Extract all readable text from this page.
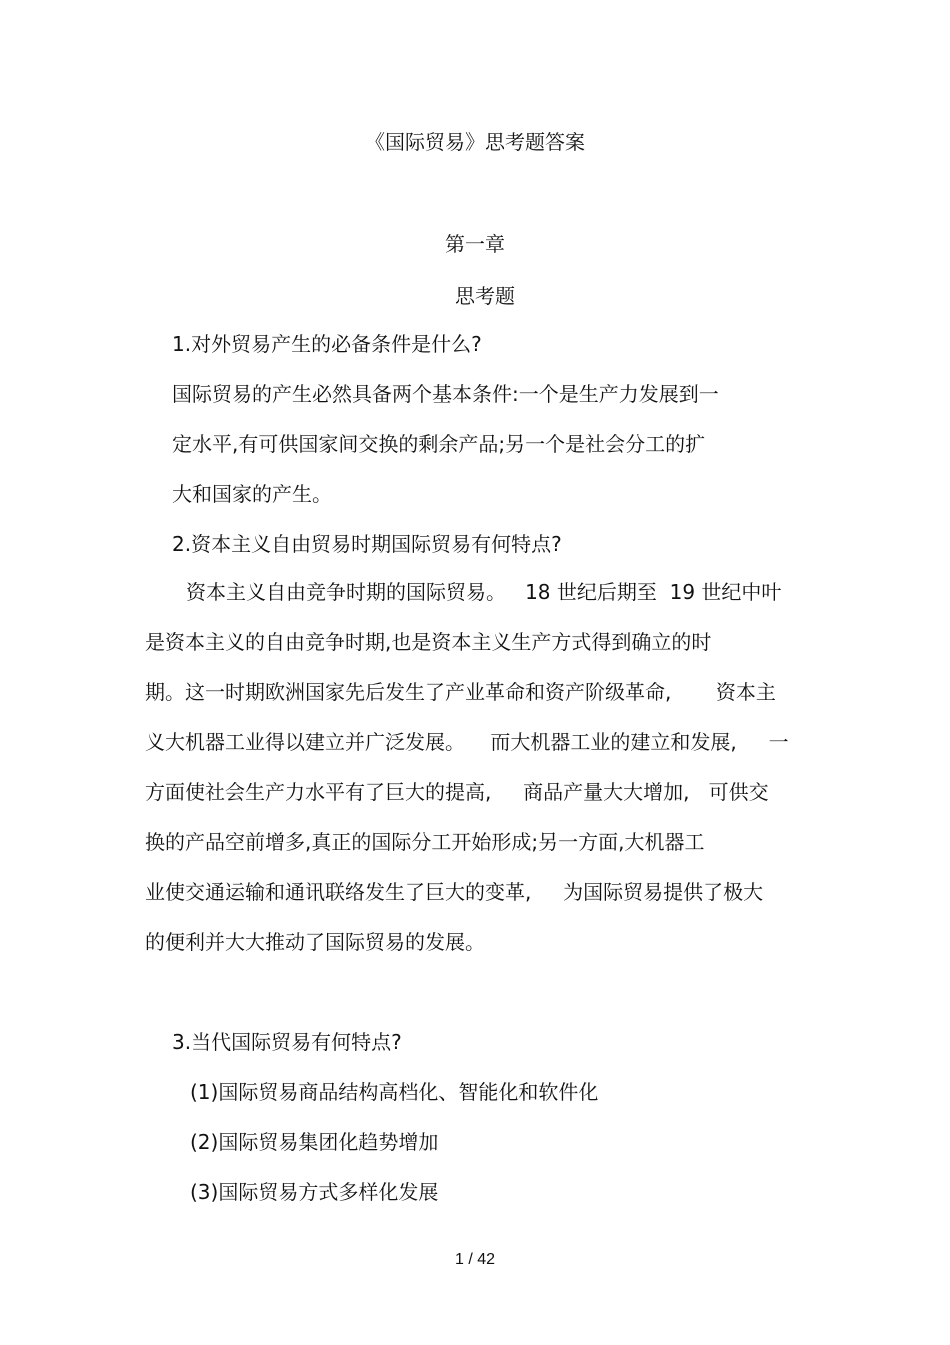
《国际贸易》思考题答案
第一章
思考题
1.对外贸易产生的必备条件是什么?
国际贸易的产生必然具备两个基本条件:一个是生产力发展到一
定水平,有可供国家间交换的剩余产品;另一个是社会分工的扩
大和国家的产生。
2.资本主义自由贸易时期国际贸易有何特点?
资本主义自由竞争时期的国际贸易。   18 世纪后期至  19 世纪中叶
是资本主义的自由竞争时期,也是资本主义生产方式得到确立的时
期。这一时期欧洲国家先后发生了产业革命和资产阶级革命,       资本主
义大机器工业得以建立并广泛发展。    而大机器工业的建立和发展,     一
方面使社会生产力水平有了巨大的提高,     商品产量大大增加,   可供交
换的产品空前增多,真正的国际分工开始形成;另一方面,大机器工
业使交通运输和通讯联络发生了巨大的变革,     为国际贸易提供了极大
的便利并大大推动了国际贸易的发展。
3.当代国际贸易有何特点?
(1)国际贸易商品结构高档化、智能化和软件化
(2)国际贸易集团化趋势增加
(3)国际贸易方式多样化发展
1 / 42
